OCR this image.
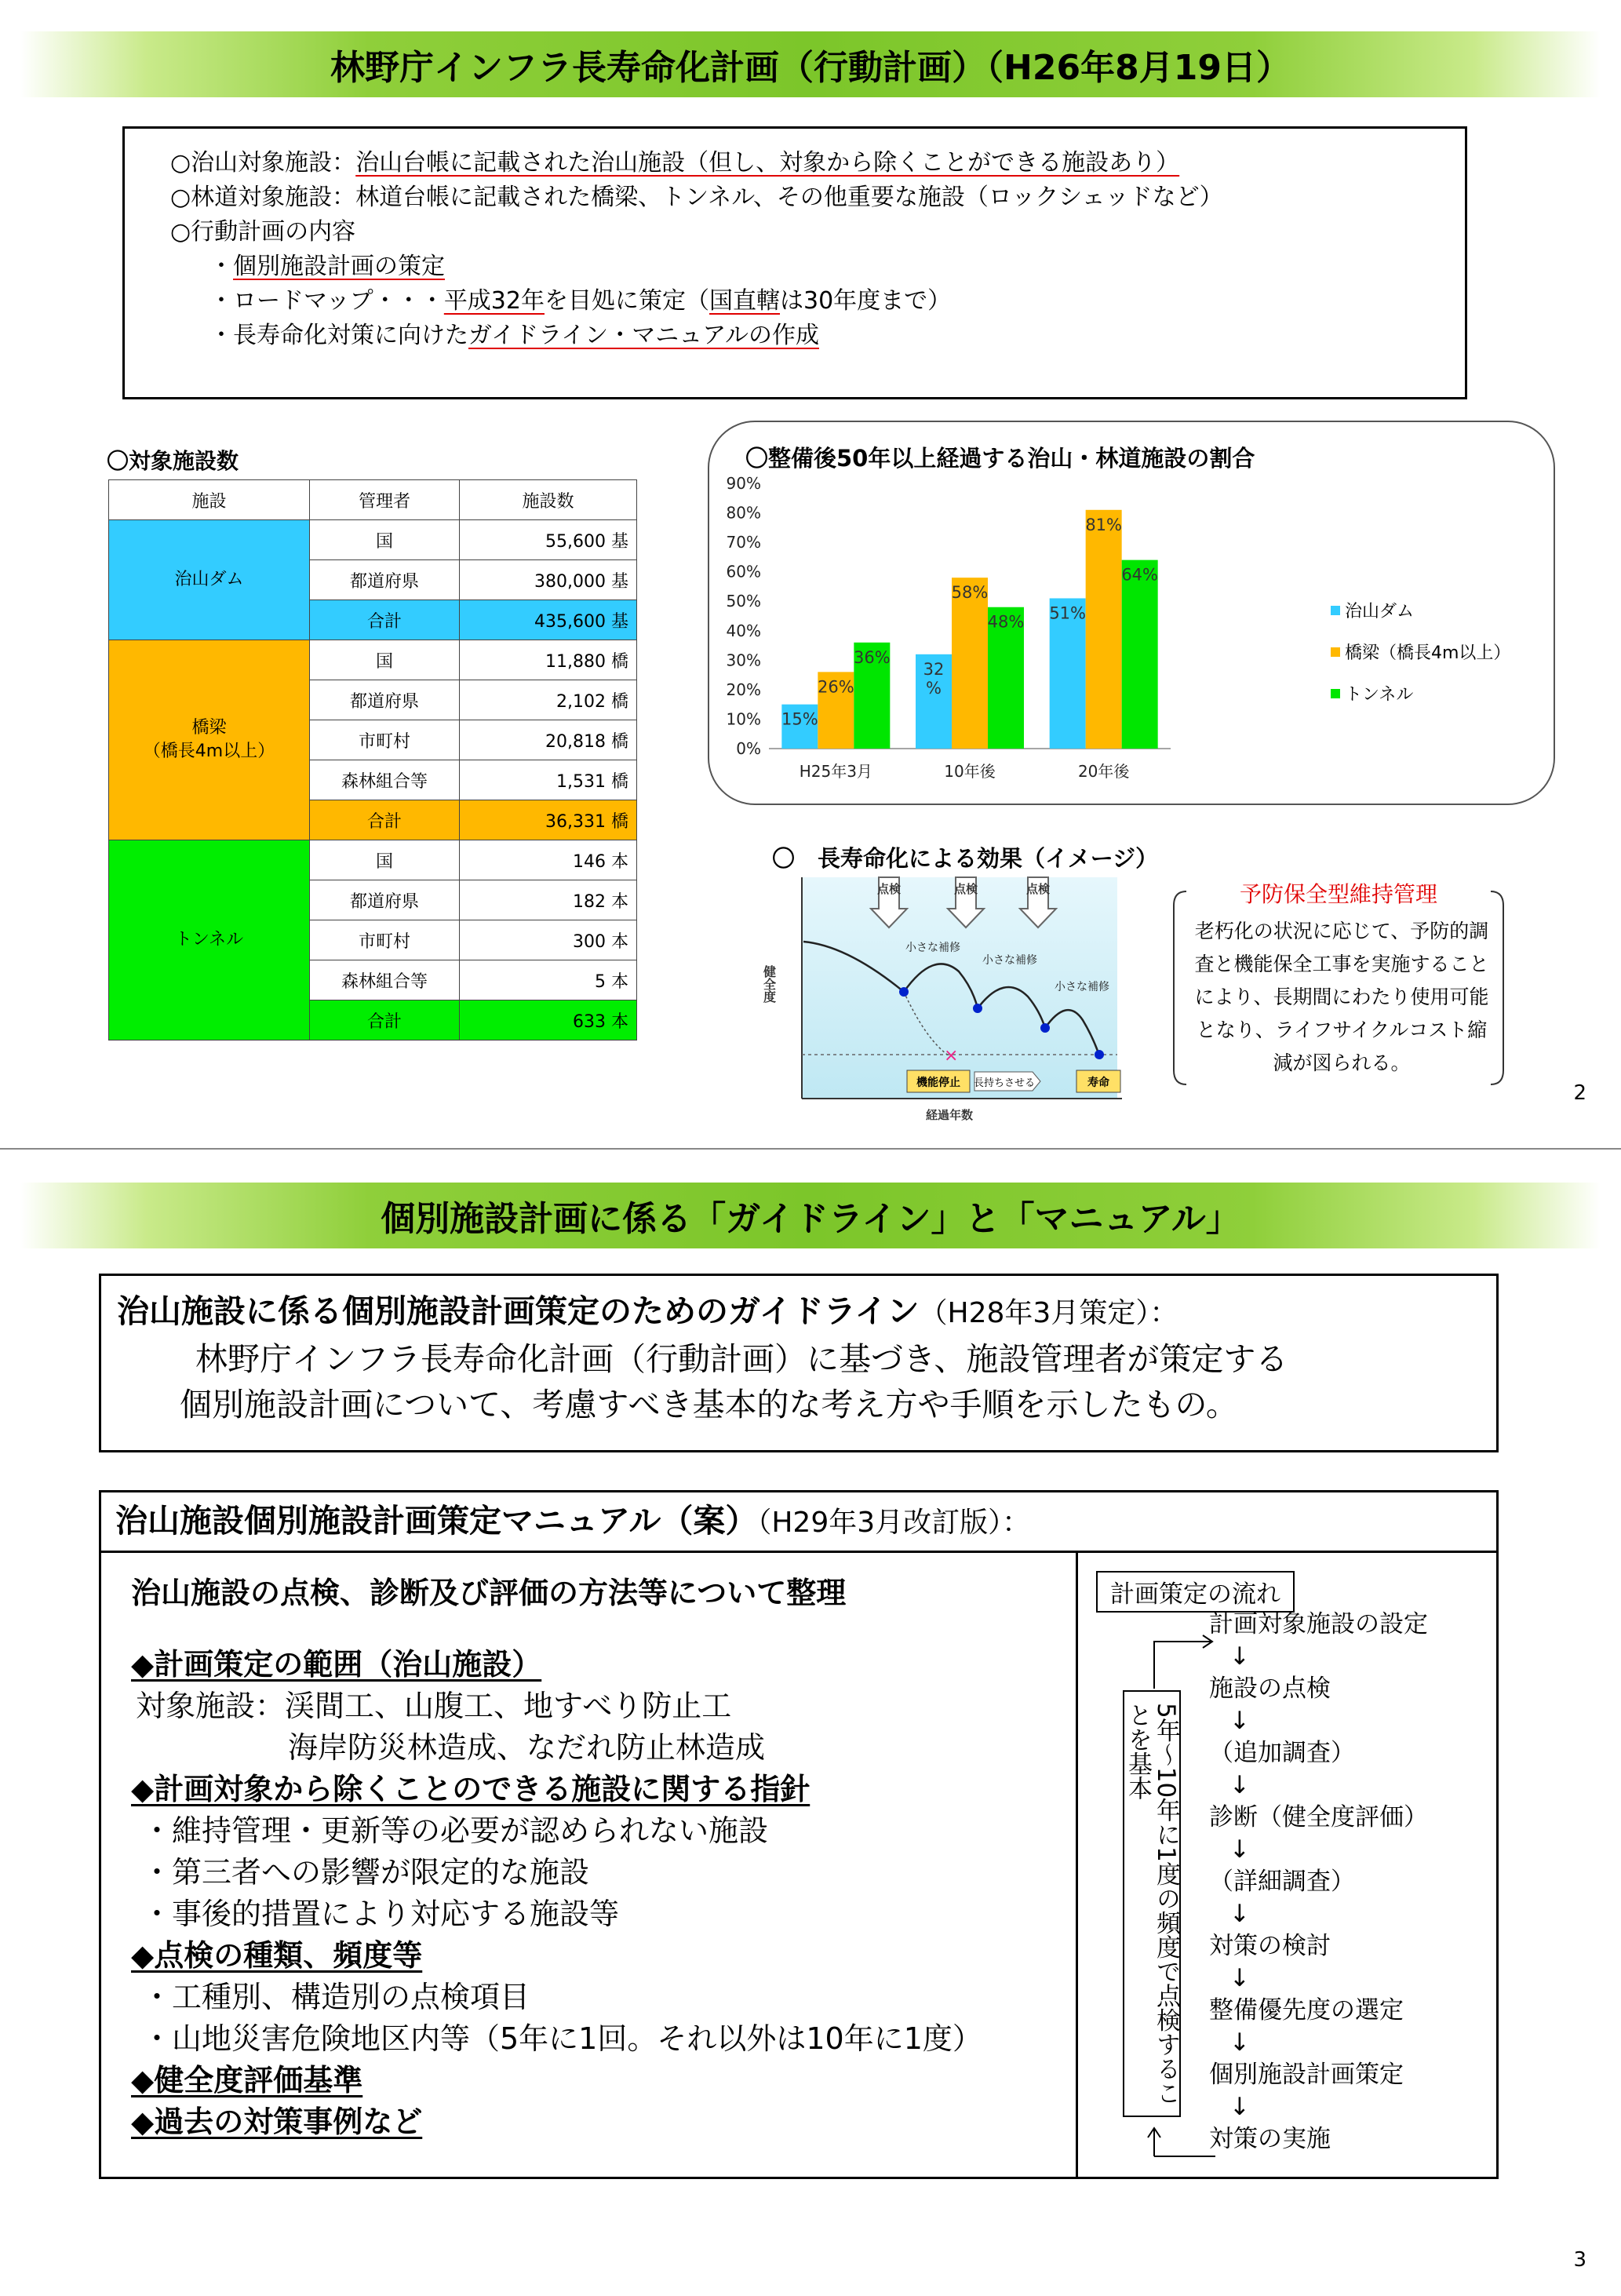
林野庁インフラ長寿命化計画（行動計画）（H26年8月19日）
○治山対象施設：治山台帳に記載された治山施設（但し、対象から除くことができる施設あり）
○林道対象施設：林道台帳に記載された橋梁、トンネル、その他重要な施設（ロックシェッドなど）
○行動計画の内容
・個別施設計画の策定
・ロードマップ・・・平成32年を目処に策定（国直轄は30年度まで）
・長寿命化対策に向けたガイドライン・マニュアルの作成
〇対象施設数
施設	管理者	施設数
治山ダム	国	55,600 基
	都道府県	380,000 基
	合計	435,600 基
橋梁
（橋長4m以上）	国	11,880 橋
	都道府県	2,102 橋
	市町村	20,818 橋
	森林組合等	1,531 橋
	合計	36,331 橋
トンネル	国	146 本
	都道府県	182 本
	市町村	300 本
	森林組合等	5 本
	合計	633 本
〇整備後50年以上経過する治山・林道施設の割合
0%
10%
20%
30%
40%
50%
60%
70%
80%
90%
H25年3月
15%
26%
36%
10年後
32
%
58%
48%
20年後
51%
81%
64%
治山ダム
橋梁（橋長4m以上）
トンネル
〇　長寿命化による効果（イメージ）
点検	点検	点検
小さな補修
小さな補修
小さな補修
健全度
×
機能停止 長持ちさせる	寿命
経過年数
予防保全型維持管理
老朽化の状況に応じて、予防的調査と機能保全工事を実施することにより、長期間にわたり使用可能となり、ライフサイクルコスト縮減が図られる。
2
個別施設計画に係る「ガイドライン」と「マニュアル」
治山施設に係る個別施設計画策定のためのガイドライン（H28年3月策定）：
林野庁インフラ長寿命化計画（行動計画）に基づき、施設管理者が策定する
個別施設計画について、考慮すべき基本的な考え方や手順を示したもの。
治山施設個別施設計画策定マニュアル（案）（H29年3月改訂版）：
治山施設の点検、診断及び評価の方法等について整理
◆計画策定の範囲（治山施設）
対象施設：渓間工、山腹工、地すべり防止工
海岸防災林造成、なだれ防止林造成
◆計画対象から除くことのできる施設に関する指針
・維持管理・更新等の必要が認められない施設
・第三者への影響が限定的な施設
・事後的措置により対応する施設等
◆点検の種類、頻度等
・工種別、構造別の点検項目
・山地災害危険地区内等（5年に1回。それ以外は10年に1度）
◆健全度評価基準
◆過去の対策事例など
計画策定の流れ
計画対象施設の設定
↓
施設の点検
↓
（追加調査）
↓
診断（健全度評価）
↓
（詳細調査）
↓
対策の検討
↓
整備優先度の選定
↓
個別施設計画策定
↓
対策の実施
5年～10年に1度の頻度で点検することを基本
3
